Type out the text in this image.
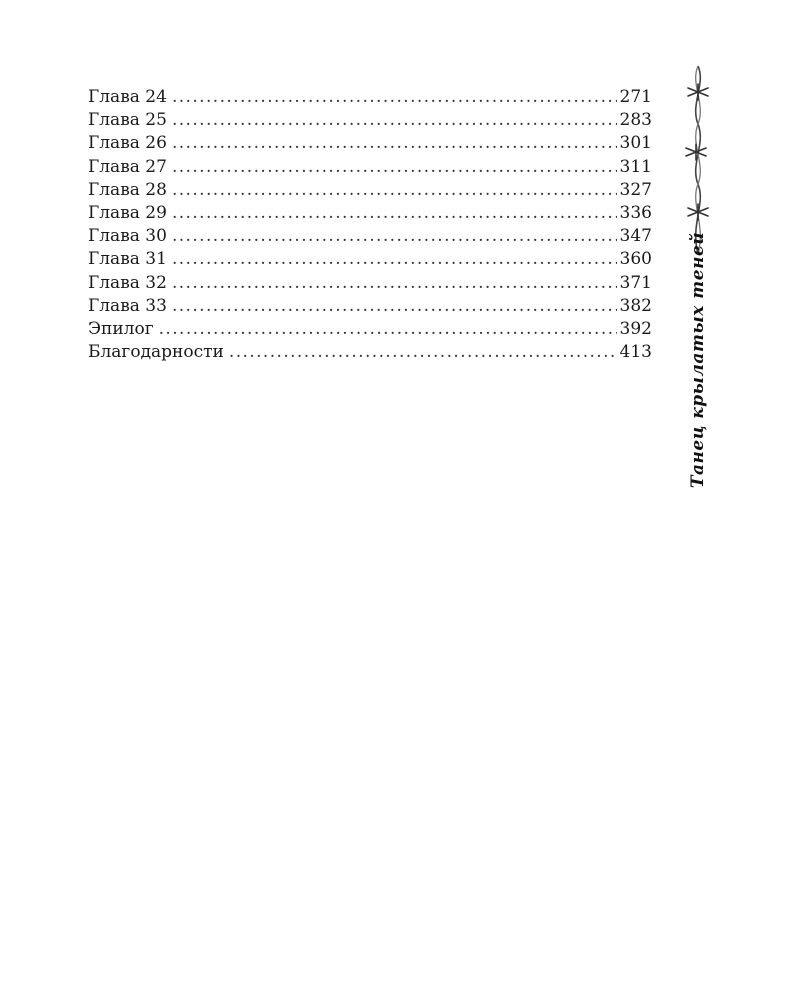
Глава 24 .....	271
Глава 25 .....	283
Глава 26 .....	301
Глава 27 .....	311
Глава 28 .....	327
Глава 29 .....	336
Глава 30 .....	347
Глава 31 .....	360
Глава 32 .....	371
Глава 33 .....	382
Эпилог .....	392
Благодарности .....	413 Танец крылатых теней
